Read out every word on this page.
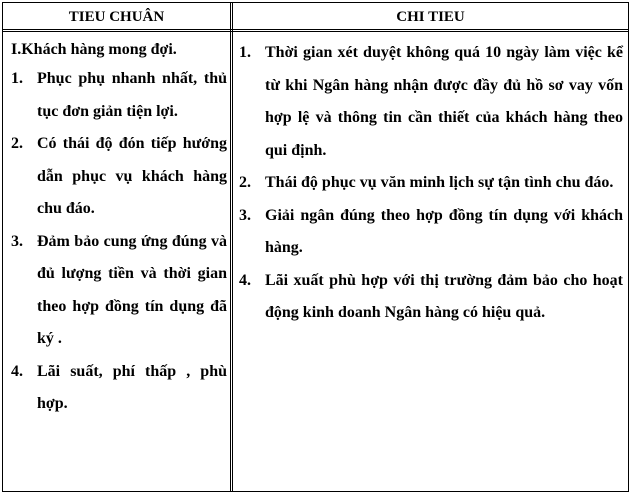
TIEU CHUÂN	CHI TIEU

I.Khách hàng mong đợi.

1. Phục phụ nhanh nhất, thủ tục đơn giản tiện lợi.
2. Có thái độ đón tiếp hướng dẫn phục vụ khách hàng chu đáo.
3. Đảm bảo cung ứng đúng và đủ lượng tiền và thời gian theo hợp đồng tín dụng đã ký .
4. Lãi suất, phí thấp , phù hợp.
1. Thời gian xét duyệt không quá 10 ngày làm việc kể từ khi Ngân hàng nhận được đầy đủ hồ sơ vay vốn hợp lệ và thông tin cần thiết của khách hàng theo qui định.
2. Thái độ phục vụ văn minh lịch sự tận tình chu đáo.
3. Giải ngân đúng theo hợp đồng tín dụng với khách hàng.
4. Lãi xuất phù hợp với thị trường đảm bảo cho hoạt động kinh doanh Ngân hàng có hiệu quả.
